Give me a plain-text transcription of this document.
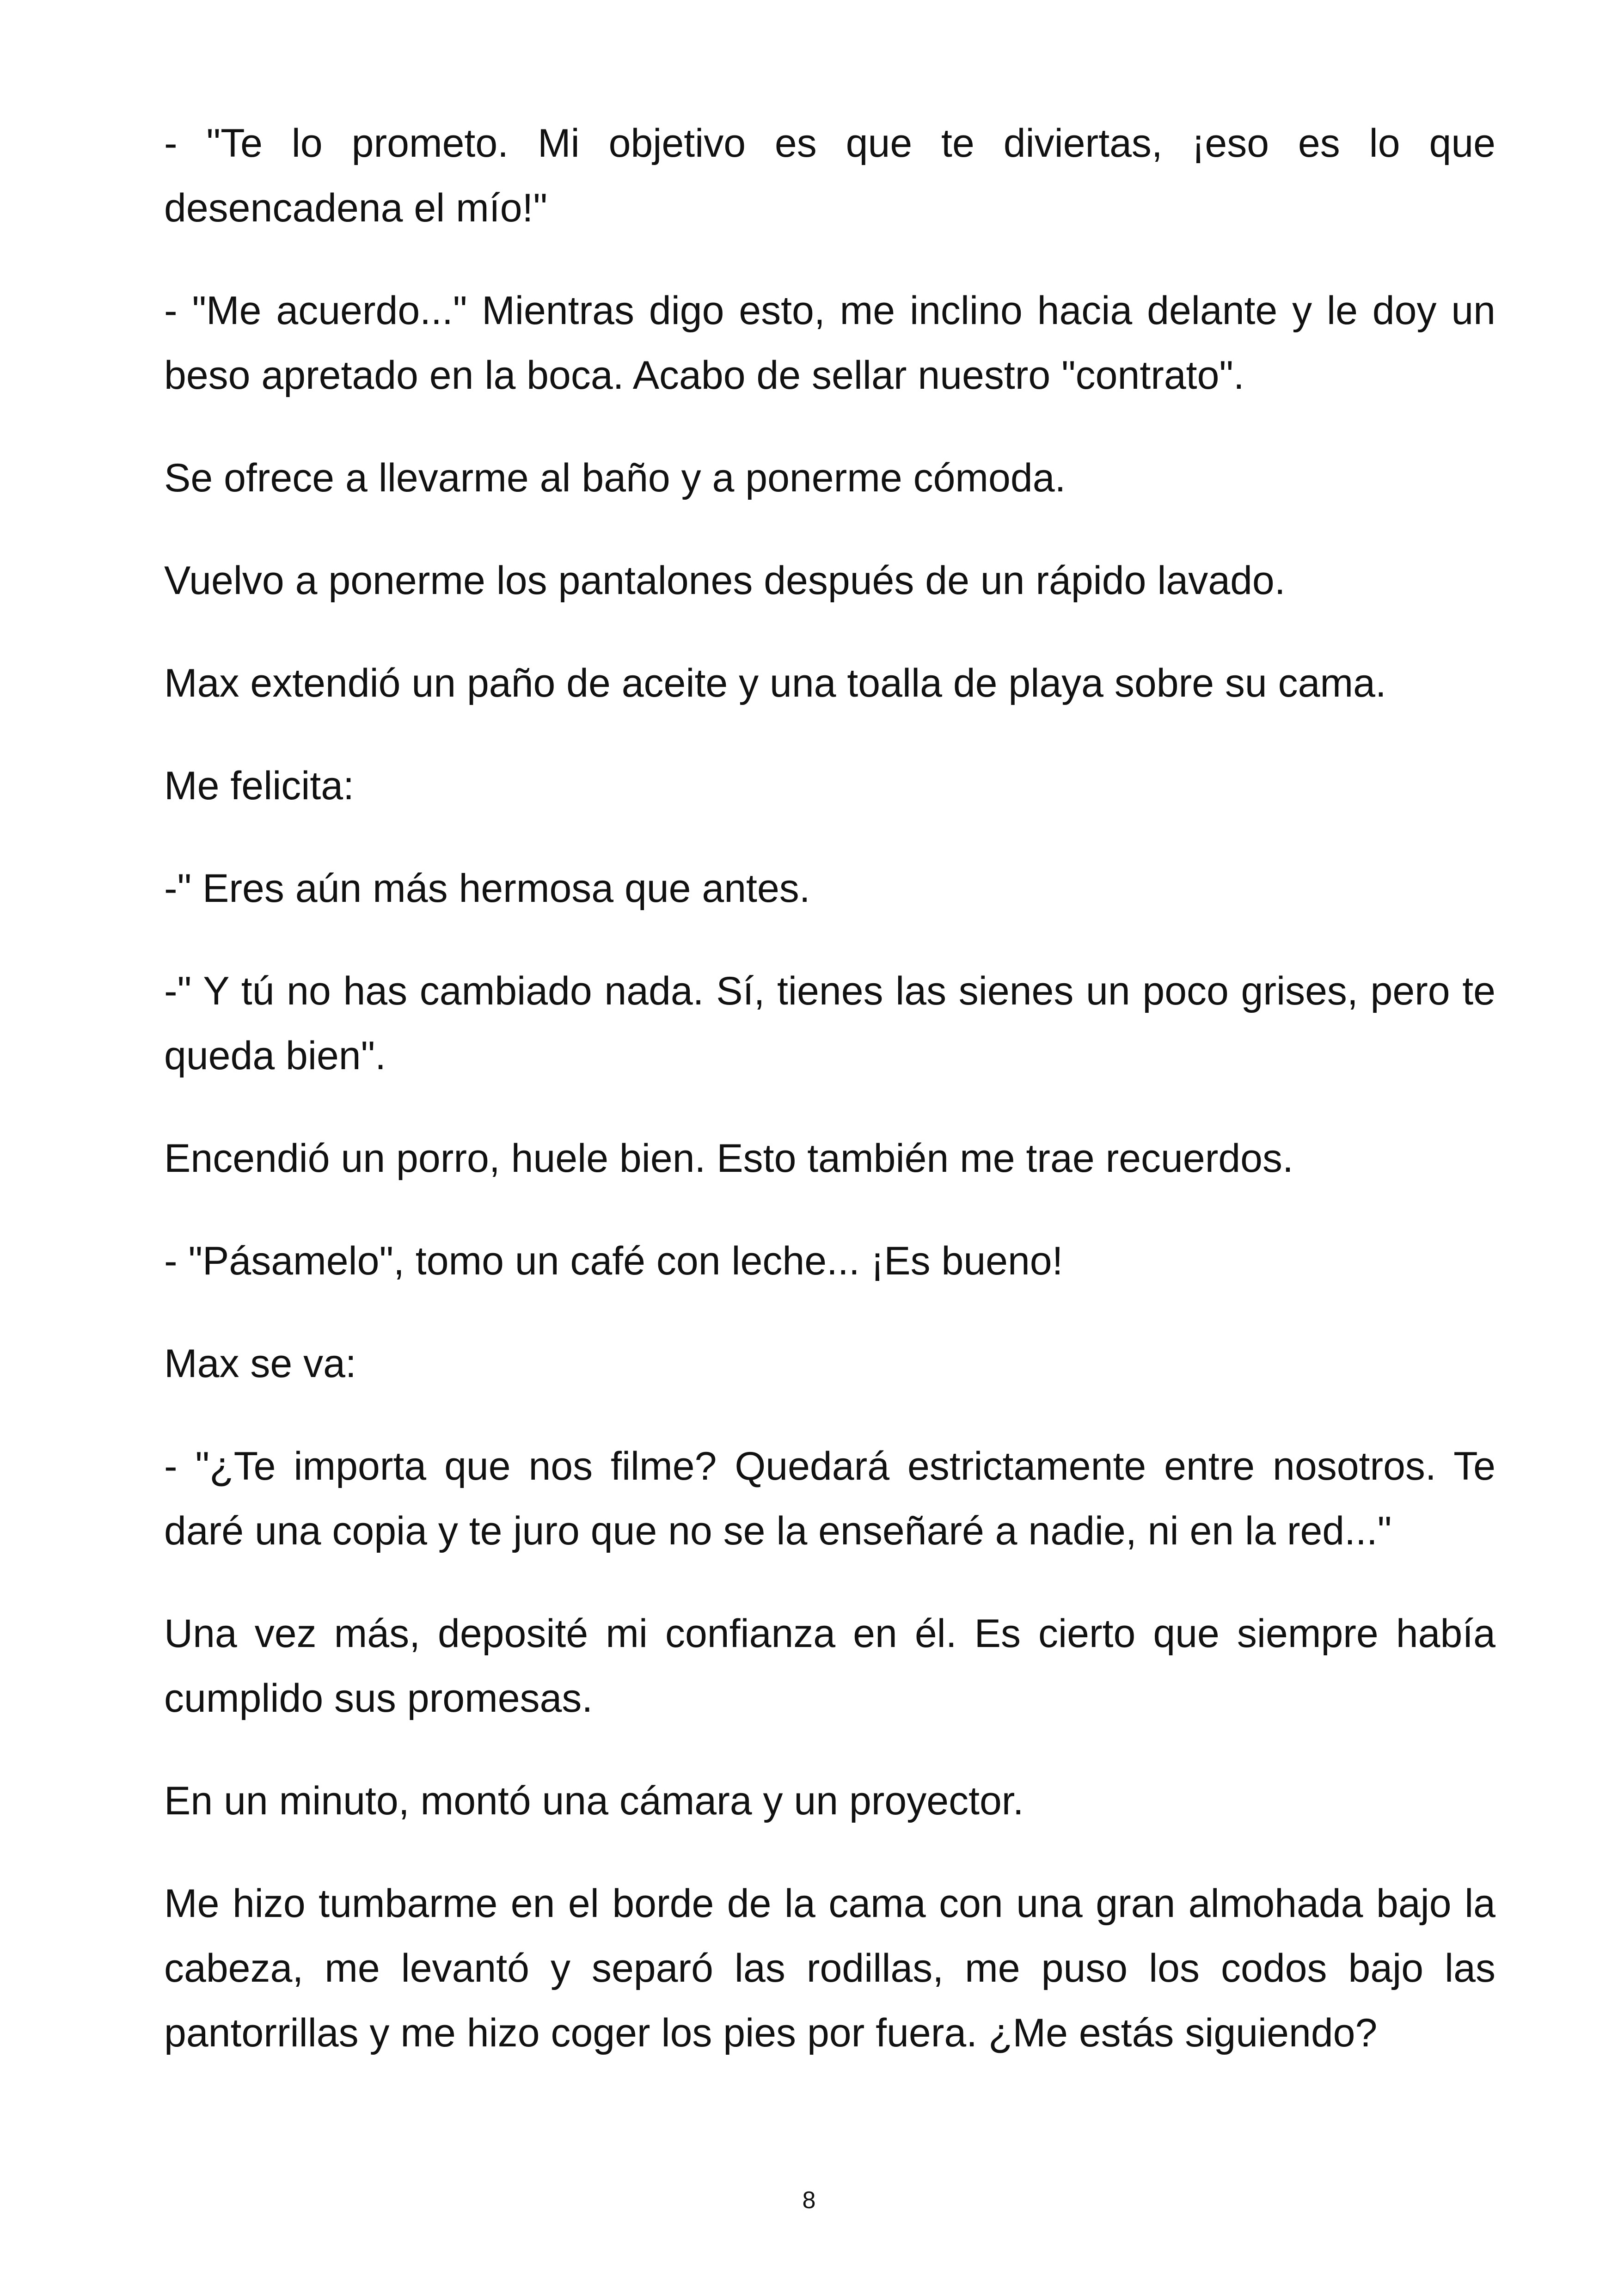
- "Te lo prometo. Mi objetivo es que te diviertas, ¡eso es lo que desencadena el mío!"

- "Me acuerdo..." Mientras digo esto, me inclino hacia delante y le doy un beso apretado en la boca. Acabo de sellar nuestro "contrato".

Se ofrece a llevarme al baño y a ponerme cómoda.

Vuelvo a ponerme los pantalones después de un rápido lavado.

Max extendió un paño de aceite y una toalla de playa sobre su cama.

Me felicita:

-" Eres aún más hermosa que antes.

-" Y tú no has cambiado nada. Sí, tienes las sienes un poco grises, pero te queda bien".

Encendió un porro, huele bien. Esto también me trae recuerdos.

- "Pásamelo", tomo un café con leche... ¡Es bueno!

Max se va:

- "¿Te importa que nos filme? Quedará estrictamente entre nosotros. Te daré una copia y te juro que no se la enseñaré a nadie, ni en la red..."

Una vez más, deposité mi confianza en él. Es cierto que siempre había cumplido sus promesas.

En un minuto, montó una cámara y un proyector.

Me hizo tumbarme en el borde de la cama con una gran almohada bajo la cabeza, me levantó y separó las rodillas, me puso los codos bajo las pantorrillas y me hizo coger los pies por fuera. ¿Me estás siguiendo?

8
